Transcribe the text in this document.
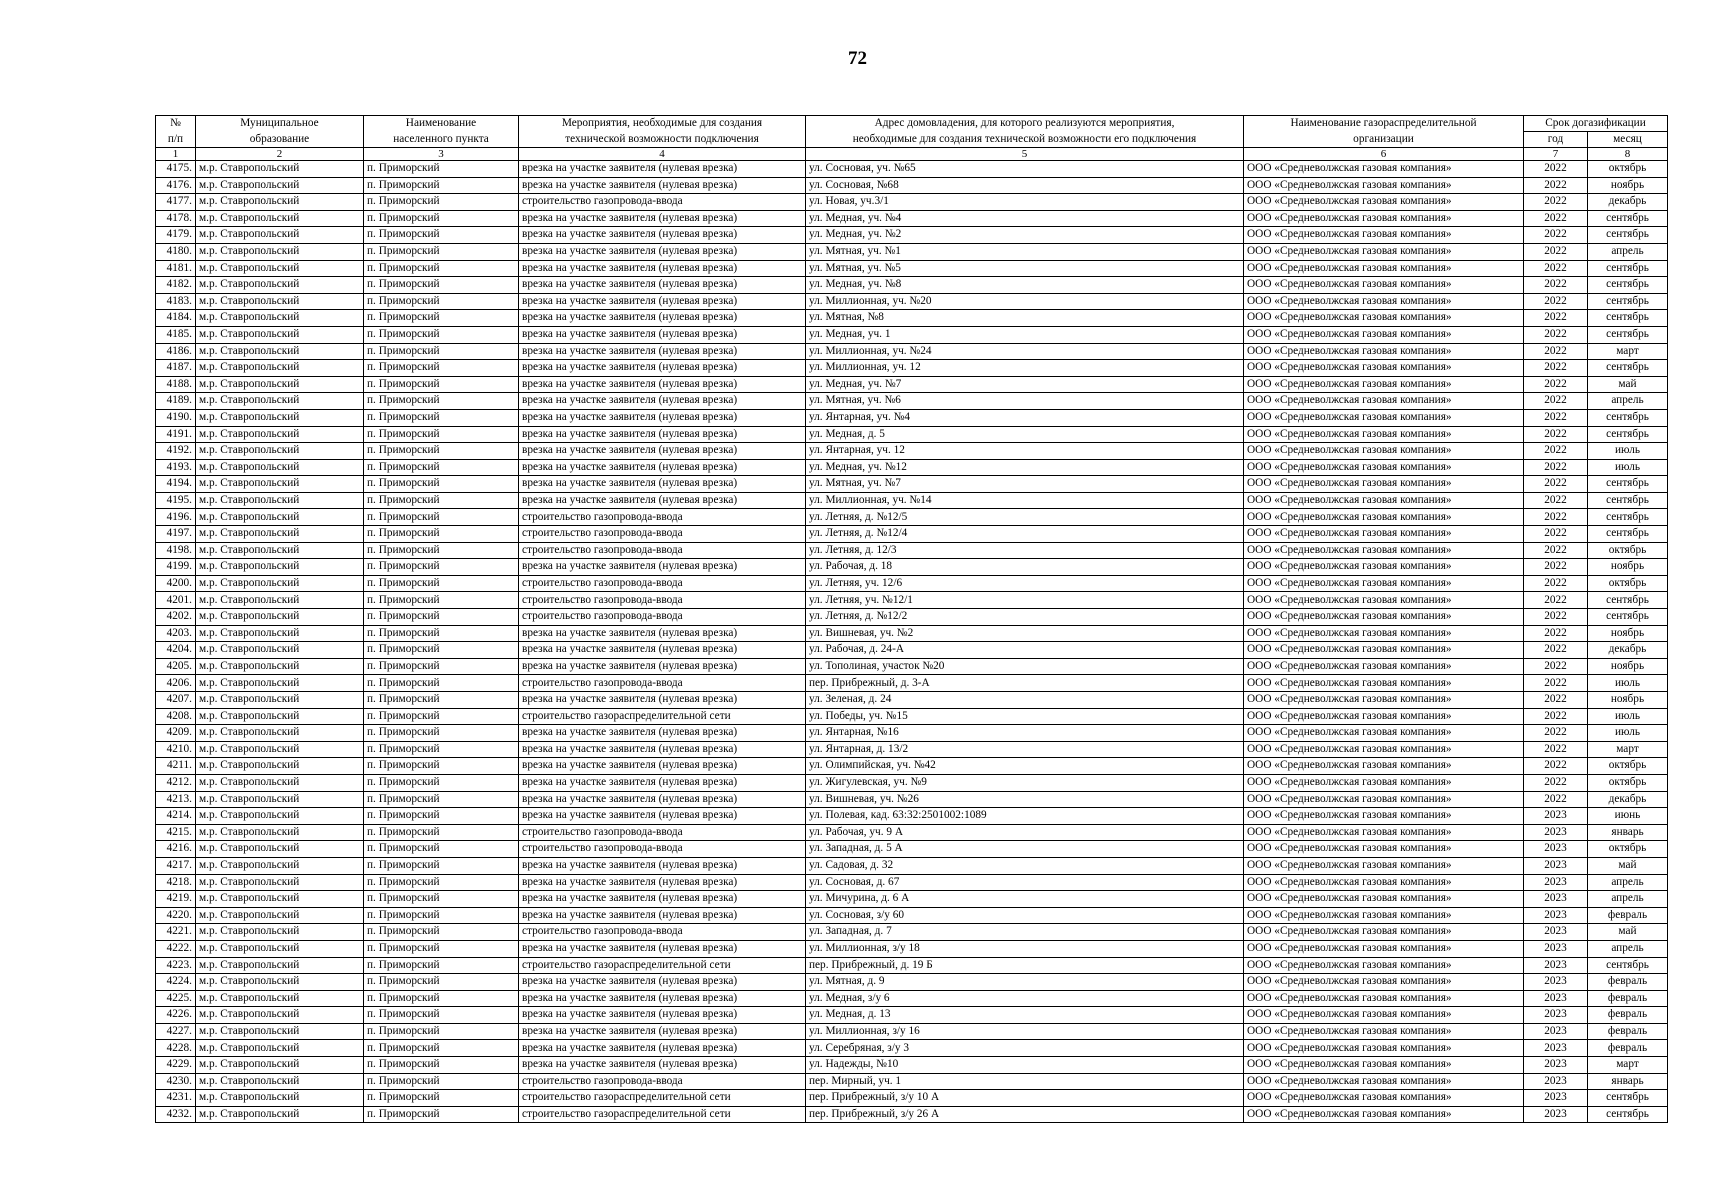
72
№	Муниципальное	Наименование	Мероприятия, необходимые для создания	Адрес домовладения, для которого реализуются мероприятия,	Наименование газораспределительной	Срок догазификации	
п/п	образование	населенного пункта	технической возможности подключения	необходимые для создания технической возможности его подключения	организации	год	месяц
1	2	3	4	5	6	7	8
4175.	м.р. Ставропольский	п. Приморский	врезка на участке заявителя (нулевая врезка)	ул. Сосновая, уч. №65	ООО «Средневолжская газовая компания»	2022	октябрь
4176.	м.р. Ставропольский	п. Приморский	врезка на участке заявителя (нулевая врезка)	ул. Сосновая, №68	ООО «Средневолжская газовая компания»	2022	ноябрь
4177.	м.р. Ставропольский	п. Приморский	строительство газопровода-ввода	ул. Новая, уч.3/1	ООО «Средневолжская газовая компания»	2022	декабрь
4178.	м.р. Ставропольский	п. Приморский	врезка на участке заявителя (нулевая врезка)	ул. Медная, уч. №4	ООО «Средневолжская газовая компания»	2022	сентябрь
4179.	м.р. Ставропольский	п. Приморский	врезка на участке заявителя (нулевая врезка)	ул. Медная, уч. №2	ООО «Средневолжская газовая компания»	2022	сентябрь
4180.	м.р. Ставропольский	п. Приморский	врезка на участке заявителя (нулевая врезка)	ул. Мятная, уч. №1	ООО «Средневолжская газовая компания»	2022	апрель
4181.	м.р. Ставропольский	п. Приморский	врезка на участке заявителя (нулевая врезка)	ул. Мятная, уч. №5	ООО «Средневолжская газовая компания»	2022	сентябрь
4182.	м.р. Ставропольский	п. Приморский	врезка на участке заявителя (нулевая врезка)	ул. Медная, уч. №8	ООО «Средневолжская газовая компания»	2022	сентябрь
4183.	м.р. Ставропольский	п. Приморский	врезка на участке заявителя (нулевая врезка)	ул. Миллионная, уч. №20	ООО «Средневолжская газовая компания»	2022	сентябрь
4184.	м.р. Ставропольский	п. Приморский	врезка на участке заявителя (нулевая врезка)	ул. Мятная, №8	ООО «Средневолжская газовая компания»	2022	сентябрь
4185.	м.р. Ставропольский	п. Приморский	врезка на участке заявителя (нулевая врезка)	ул. Медная, уч. 1	ООО «Средневолжская газовая компания»	2022	сентябрь
4186.	м.р. Ставропольский	п. Приморский	врезка на участке заявителя (нулевая врезка)	ул. Миллионная, уч. №24	ООО «Средневолжская газовая компания»	2022	март
4187.	м.р. Ставропольский	п. Приморский	врезка на участке заявителя (нулевая врезка)	ул. Миллионная, уч. 12	ООО «Средневолжская газовая компания»	2022	сентябрь
4188.	м.р. Ставропольский	п. Приморский	врезка на участке заявителя (нулевая врезка)	ул. Медная, уч. №7	ООО «Средневолжская газовая компания»	2022	май
4189.	м.р. Ставропольский	п. Приморский	врезка на участке заявителя (нулевая врезка)	ул. Мятная, уч. №6	ООО «Средневолжская газовая компания»	2022	апрель
4190.	м.р. Ставропольский	п. Приморский	врезка на участке заявителя (нулевая врезка)	ул. Янтарная, уч. №4	ООО «Средневолжская газовая компания»	2022	сентябрь
4191.	м.р. Ставропольский	п. Приморский	врезка на участке заявителя (нулевая врезка)	ул. Медная, д. 5	ООО «Средневолжская газовая компания»	2022	сентябрь
4192.	м.р. Ставропольский	п. Приморский	врезка на участке заявителя (нулевая врезка)	ул. Янтарная, уч. 12	ООО «Средневолжская газовая компания»	2022	июль
4193.	м.р. Ставропольский	п. Приморский	врезка на участке заявителя (нулевая врезка)	ул. Медная, уч. №12	ООО «Средневолжская газовая компания»	2022	июль
4194.	м.р. Ставропольский	п. Приморский	врезка на участке заявителя (нулевая врезка)	ул. Мятная, уч. №7	ООО «Средневолжская газовая компания»	2022	сентябрь
4195.	м.р. Ставропольский	п. Приморский	врезка на участке заявителя (нулевая врезка)	ул. Миллионная, уч. №14	ООО «Средневолжская газовая компания»	2022	сентябрь
4196.	м.р. Ставропольский	п. Приморский	строительство газопровода-ввода	ул. Летняя, д. №12/5	ООО «Средневолжская газовая компания»	2022	сентябрь
4197.	м.р. Ставропольский	п. Приморский	строительство газопровода-ввода	ул. Летняя, д. №12/4	ООО «Средневолжская газовая компания»	2022	сентябрь
4198.	м.р. Ставропольский	п. Приморский	строительство газопровода-ввода	ул. Летняя, д. 12/3	ООО «Средневолжская газовая компания»	2022	октябрь
4199.	м.р. Ставропольский	п. Приморский	врезка на участке заявителя (нулевая врезка)	ул. Рабочая, д. 18	ООО «Средневолжская газовая компания»	2022	ноябрь
4200.	м.р. Ставропольский	п. Приморский	строительство газопровода-ввода	ул. Летняя, уч. 12/6	ООО «Средневолжская газовая компания»	2022	октябрь
4201.	м.р. Ставропольский	п. Приморский	строительство газопровода-ввода	ул. Летняя, уч. №12/1	ООО «Средневолжская газовая компания»	2022	сентябрь
4202.	м.р. Ставропольский	п. Приморский	строительство газопровода-ввода	ул. Летняя, д. №12/2	ООО «Средневолжская газовая компания»	2022	сентябрь
4203.	м.р. Ставропольский	п. Приморский	врезка на участке заявителя (нулевая врезка)	ул. Вишневая, уч. №2	ООО «Средневолжская газовая компания»	2022	ноябрь
4204.	м.р. Ставропольский	п. Приморский	врезка на участке заявителя (нулевая врезка)	ул. Рабочая, д. 24-А	ООО «Средневолжская газовая компания»	2022	декабрь
4205.	м.р. Ставропольский	п. Приморский	врезка на участке заявителя (нулевая врезка)	ул. Тополиная, участок №20	ООО «Средневолжская газовая компания»	2022	ноябрь
4206.	м.р. Ставропольский	п. Приморский	строительство газопровода-ввода	пер. Прибрежный, д. 3-А	ООО «Средневолжская газовая компания»	2022	июль
4207.	м.р. Ставропольский	п. Приморский	врезка на участке заявителя (нулевая врезка)	ул. Зеленая, д. 24	ООО «Средневолжская газовая компания»	2022	ноябрь
4208.	м.р. Ставропольский	п. Приморский	строительство газораспределительной сети	ул. Победы, уч. №15	ООО «Средневолжская газовая компания»	2022	июль
4209.	м.р. Ставропольский	п. Приморский	врезка на участке заявителя (нулевая врезка)	ул. Янтарная, №16	ООО «Средневолжская газовая компания»	2022	июль
4210.	м.р. Ставропольский	п. Приморский	врезка на участке заявителя (нулевая врезка)	ул. Янтарная, д. 13/2	ООО «Средневолжская газовая компания»	2022	март
4211.	м.р. Ставропольский	п. Приморский	врезка на участке заявителя (нулевая врезка)	ул. Олимпийская, уч. №42	ООО «Средневолжская газовая компания»	2022	октябрь
4212.	м.р. Ставропольский	п. Приморский	врезка на участке заявителя (нулевая врезка)	ул. Жигулевская, уч. №9	ООО «Средневолжская газовая компания»	2022	октябрь
4213.	м.р. Ставропольский	п. Приморский	врезка на участке заявителя (нулевая врезка)	ул. Вишневая, уч. №26	ООО «Средневолжская газовая компания»	2022	декабрь
4214.	м.р. Ставропольский	п. Приморский	врезка на участке заявителя (нулевая врезка)	ул. Полевая, кад. 63:32:2501002:1089	ООО «Средневолжская газовая компания»	2023	июнь
4215.	м.р. Ставропольский	п. Приморский	строительство газопровода-ввода	ул. Рабочая, уч. 9 А	ООО «Средневолжская газовая компания»	2023	январь
4216.	м.р. Ставропольский	п. Приморский	строительство газопровода-ввода	ул. Западная, д. 5 А	ООО «Средневолжская газовая компания»	2023	октябрь
4217.	м.р. Ставропольский	п. Приморский	врезка на участке заявителя (нулевая врезка)	ул. Садовая, д. 32	ООО «Средневолжская газовая компания»	2023	май
4218.	м.р. Ставропольский	п. Приморский	врезка на участке заявителя (нулевая врезка)	ул. Сосновая, д. 67	ООО «Средневолжская газовая компания»	2023	апрель
4219.	м.р. Ставропольский	п. Приморский	врезка на участке заявителя (нулевая врезка)	ул. Мичурина, д. 6 А	ООО «Средневолжская газовая компания»	2023	апрель
4220.	м.р. Ставропольский	п. Приморский	врезка на участке заявителя (нулевая врезка)	ул. Сосновая, з/у 60	ООО «Средневолжская газовая компания»	2023	февраль
4221.	м.р. Ставропольский	п. Приморский	строительство газопровода-ввода	ул. Западная, д. 7	ООО «Средневолжская газовая компания»	2023	май
4222.	м.р. Ставропольский	п. Приморский	врезка на участке заявителя (нулевая врезка)	ул. Миллионная, з/у 18	ООО «Средневолжская газовая компания»	2023	апрель
4223.	м.р. Ставропольский	п. Приморский	строительство газораспределительной сети	пер. Прибрежный, д. 19 Б	ООО «Средневолжская газовая компания»	2023	сентябрь
4224.	м.р. Ставропольский	п. Приморский	врезка на участке заявителя (нулевая врезка)	ул. Мятная, д. 9	ООО «Средневолжская газовая компания»	2023	февраль
4225.	м.р. Ставропольский	п. Приморский	врезка на участке заявителя (нулевая врезка)	ул. Медная, з/у 6	ООО «Средневолжская газовая компания»	2023	февраль
4226.	м.р. Ставропольский	п. Приморский	врезка на участке заявителя (нулевая врезка)	ул. Медная, д. 13	ООО «Средневолжская газовая компания»	2023	февраль
4227.	м.р. Ставропольский	п. Приморский	врезка на участке заявителя (нулевая врезка)	ул. Миллионная, з/у 16	ООО «Средневолжская газовая компания»	2023	февраль
4228.	м.р. Ставропольский	п. Приморский	врезка на участке заявителя (нулевая врезка)	ул. Серебряная, з/у 3	ООО «Средневолжская газовая компания»	2023	февраль
4229.	м.р. Ставропольский	п. Приморский	врезка на участке заявителя (нулевая врезка)	ул. Надежды, №10	ООО «Средневолжская газовая компания»	2023	март
4230.	м.р. Ставропольский	п. Приморский	строительство газопровода-ввода	пер. Мирный, уч. 1	ООО «Средневолжская газовая компания»	2023	январь
4231.	м.р. Ставропольский	п. Приморский	строительство газораспределительной сети	пер. Прибрежный, з/у 10 А	ООО «Средневолжская газовая компания»	2023	сентябрь
4232.	м.р. Ставропольский	п. Приморский	строительство газораспределительной сети	пер. Прибрежный, з/у 26 А	ООО «Средневолжская газовая компания»	2023	сентябрь
